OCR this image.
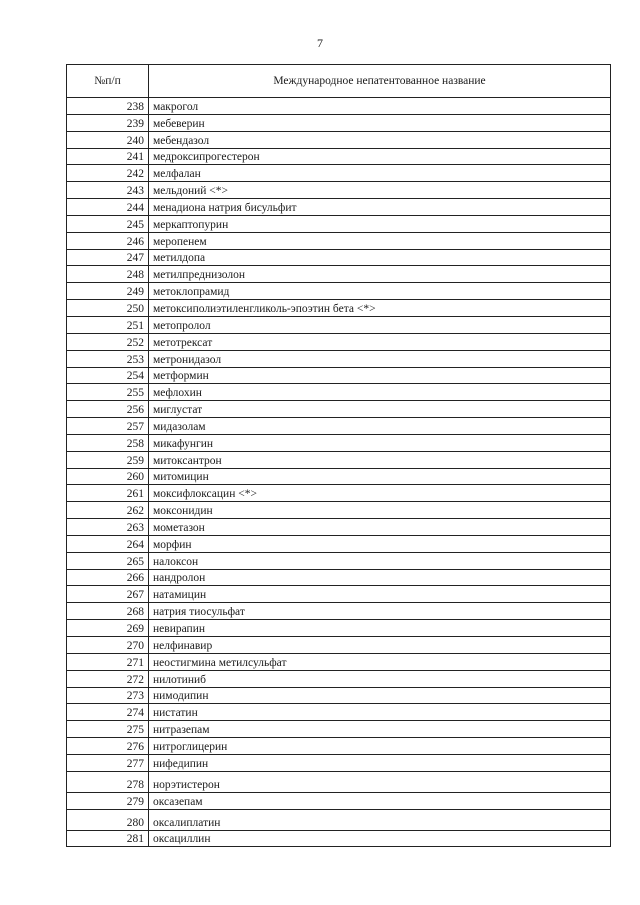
7
№п/п	Международное непатентованное название
238	макрогол
239	мебеверин
240	мебендазол
241	медроксипрогестерон
242	мелфалан
243	мельдоний <*>
244	менадиона натрия бисульфит
245	меркаптопурин
246	меропенем
247	метилдопа
248	метилпреднизолон
249	метоклопрамид
250	метоксиполиэтиленгликоль-эпоэтин бета <*>
251	метопролол
252	метотрексат
253	метронидазол
254	метформин
255	мефлохин
256	миглустат
257	мидазолам
258	микафунгин
259	митоксантрон
260	митомицин
261	моксифлоксацин <*>
262	моксонидин
263	мометазон
264	морфин
265	налоксон
266	нандролон
267	натамицин
268	натрия тиосульфат
269	невирапин
270	нелфинавир
271	неостигмина метилсульфат
272	нилотиниб
273	нимодипин
274	нистатин
275	нитразепам
276	нитроглицерин
277	нифедипин
278	норэтистерон
279	оксазепам
280	оксалиплатин
281	оксациллин
